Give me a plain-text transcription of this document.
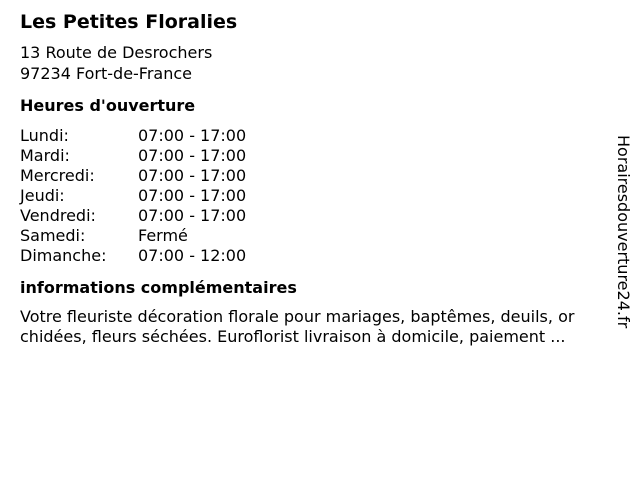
Les Petites Floralies
13 Route de Desrochers
97234 Fort-de-France
Heures d'ouverture
Lundi:	07:00 - 17:00
Mardi:	07:00 - 17:00
Mercredi:	07:00 - 17:00
Jeudi:	07:00 - 17:00
Vendredi:	07:00 - 17:00
Samedi:	Fermé
Dimanche:	07:00 - 12:00
informations complémentaires
Votre fleuriste décoration florale pour mariages, baptêmes, deuils, or
chidées, fleurs séchées. Euroflorist livraison à domicile, paiement ...
Horairesdouverture24.fr
